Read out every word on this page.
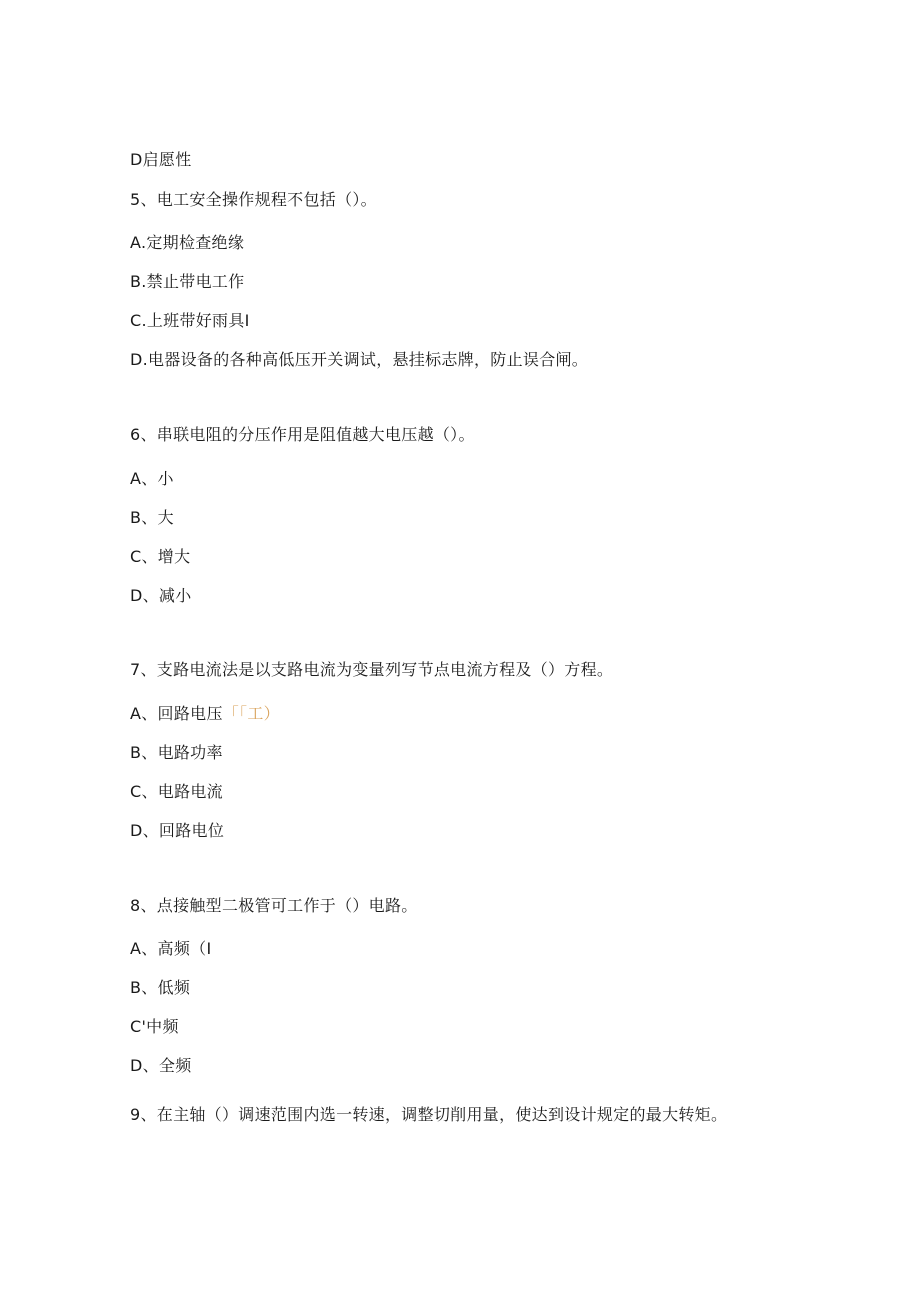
D启愿性
5、电工安全操作规程不包括（）。
A.定期检查绝缘
B.禁止带电工作
C.上班带好雨具I
D.电器设备的各种高低压开关调试，悬挂标志牌，防止误合闸。
6、串联电阻的分压作用是阻值越大电压越（）。
A、小
B、大
C、增大
D、减小
7、支路电流法是以支路电流为变量列写节点电流方程及（）方程。
A、回路电压「「工）
B、电路功率
C、电路电流
D、回路电位
8、点接触型二极管可工作于（）电路。
A、高频（I
B、低频
C'中频
D、全频
9、在主轴（）调速范围内选一转速，调整切削用量，使达到设计规定的最大转矩。
